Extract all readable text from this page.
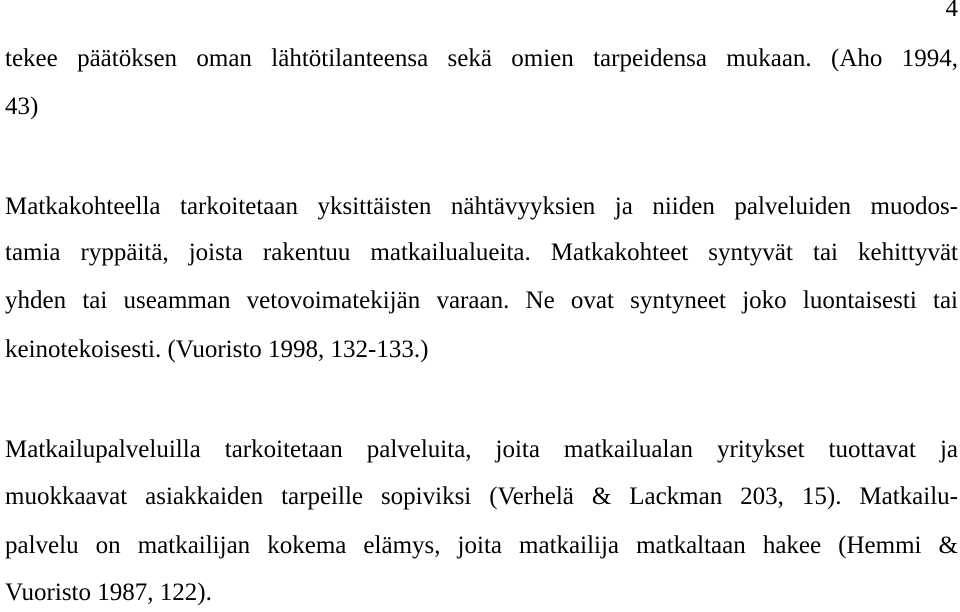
4
tekee päätöksen oman lähtötilanteensa sekä omien tarpeidensa mukaan. (Aho 1994,
43)
Matkakohteella tarkoitetaan yksittäisten nähtävyyksien ja niiden palveluiden muodos-
tamia ryppäitä, joista rakentuu matkailualueita. Matkakohteet syntyvät tai kehittyvät
yhden tai useamman vetovoimatekijän varaan. Ne ovat syntyneet joko luontaisesti tai
keinotekoisesti. (Vuoristo 1998, 132-133.)
Matkailupalveluilla tarkoitetaan palveluita, joita matkailualan yritykset tuottavat ja
muokkaavat asiakkaiden tarpeille sopiviksi (Verhelä & Lackman 203, 15). Matkailu-
palvelu on matkailijan kokema elämys, joita matkailija matkaltaan hakee (Hemmi &
Vuoristo 1987, 122).
